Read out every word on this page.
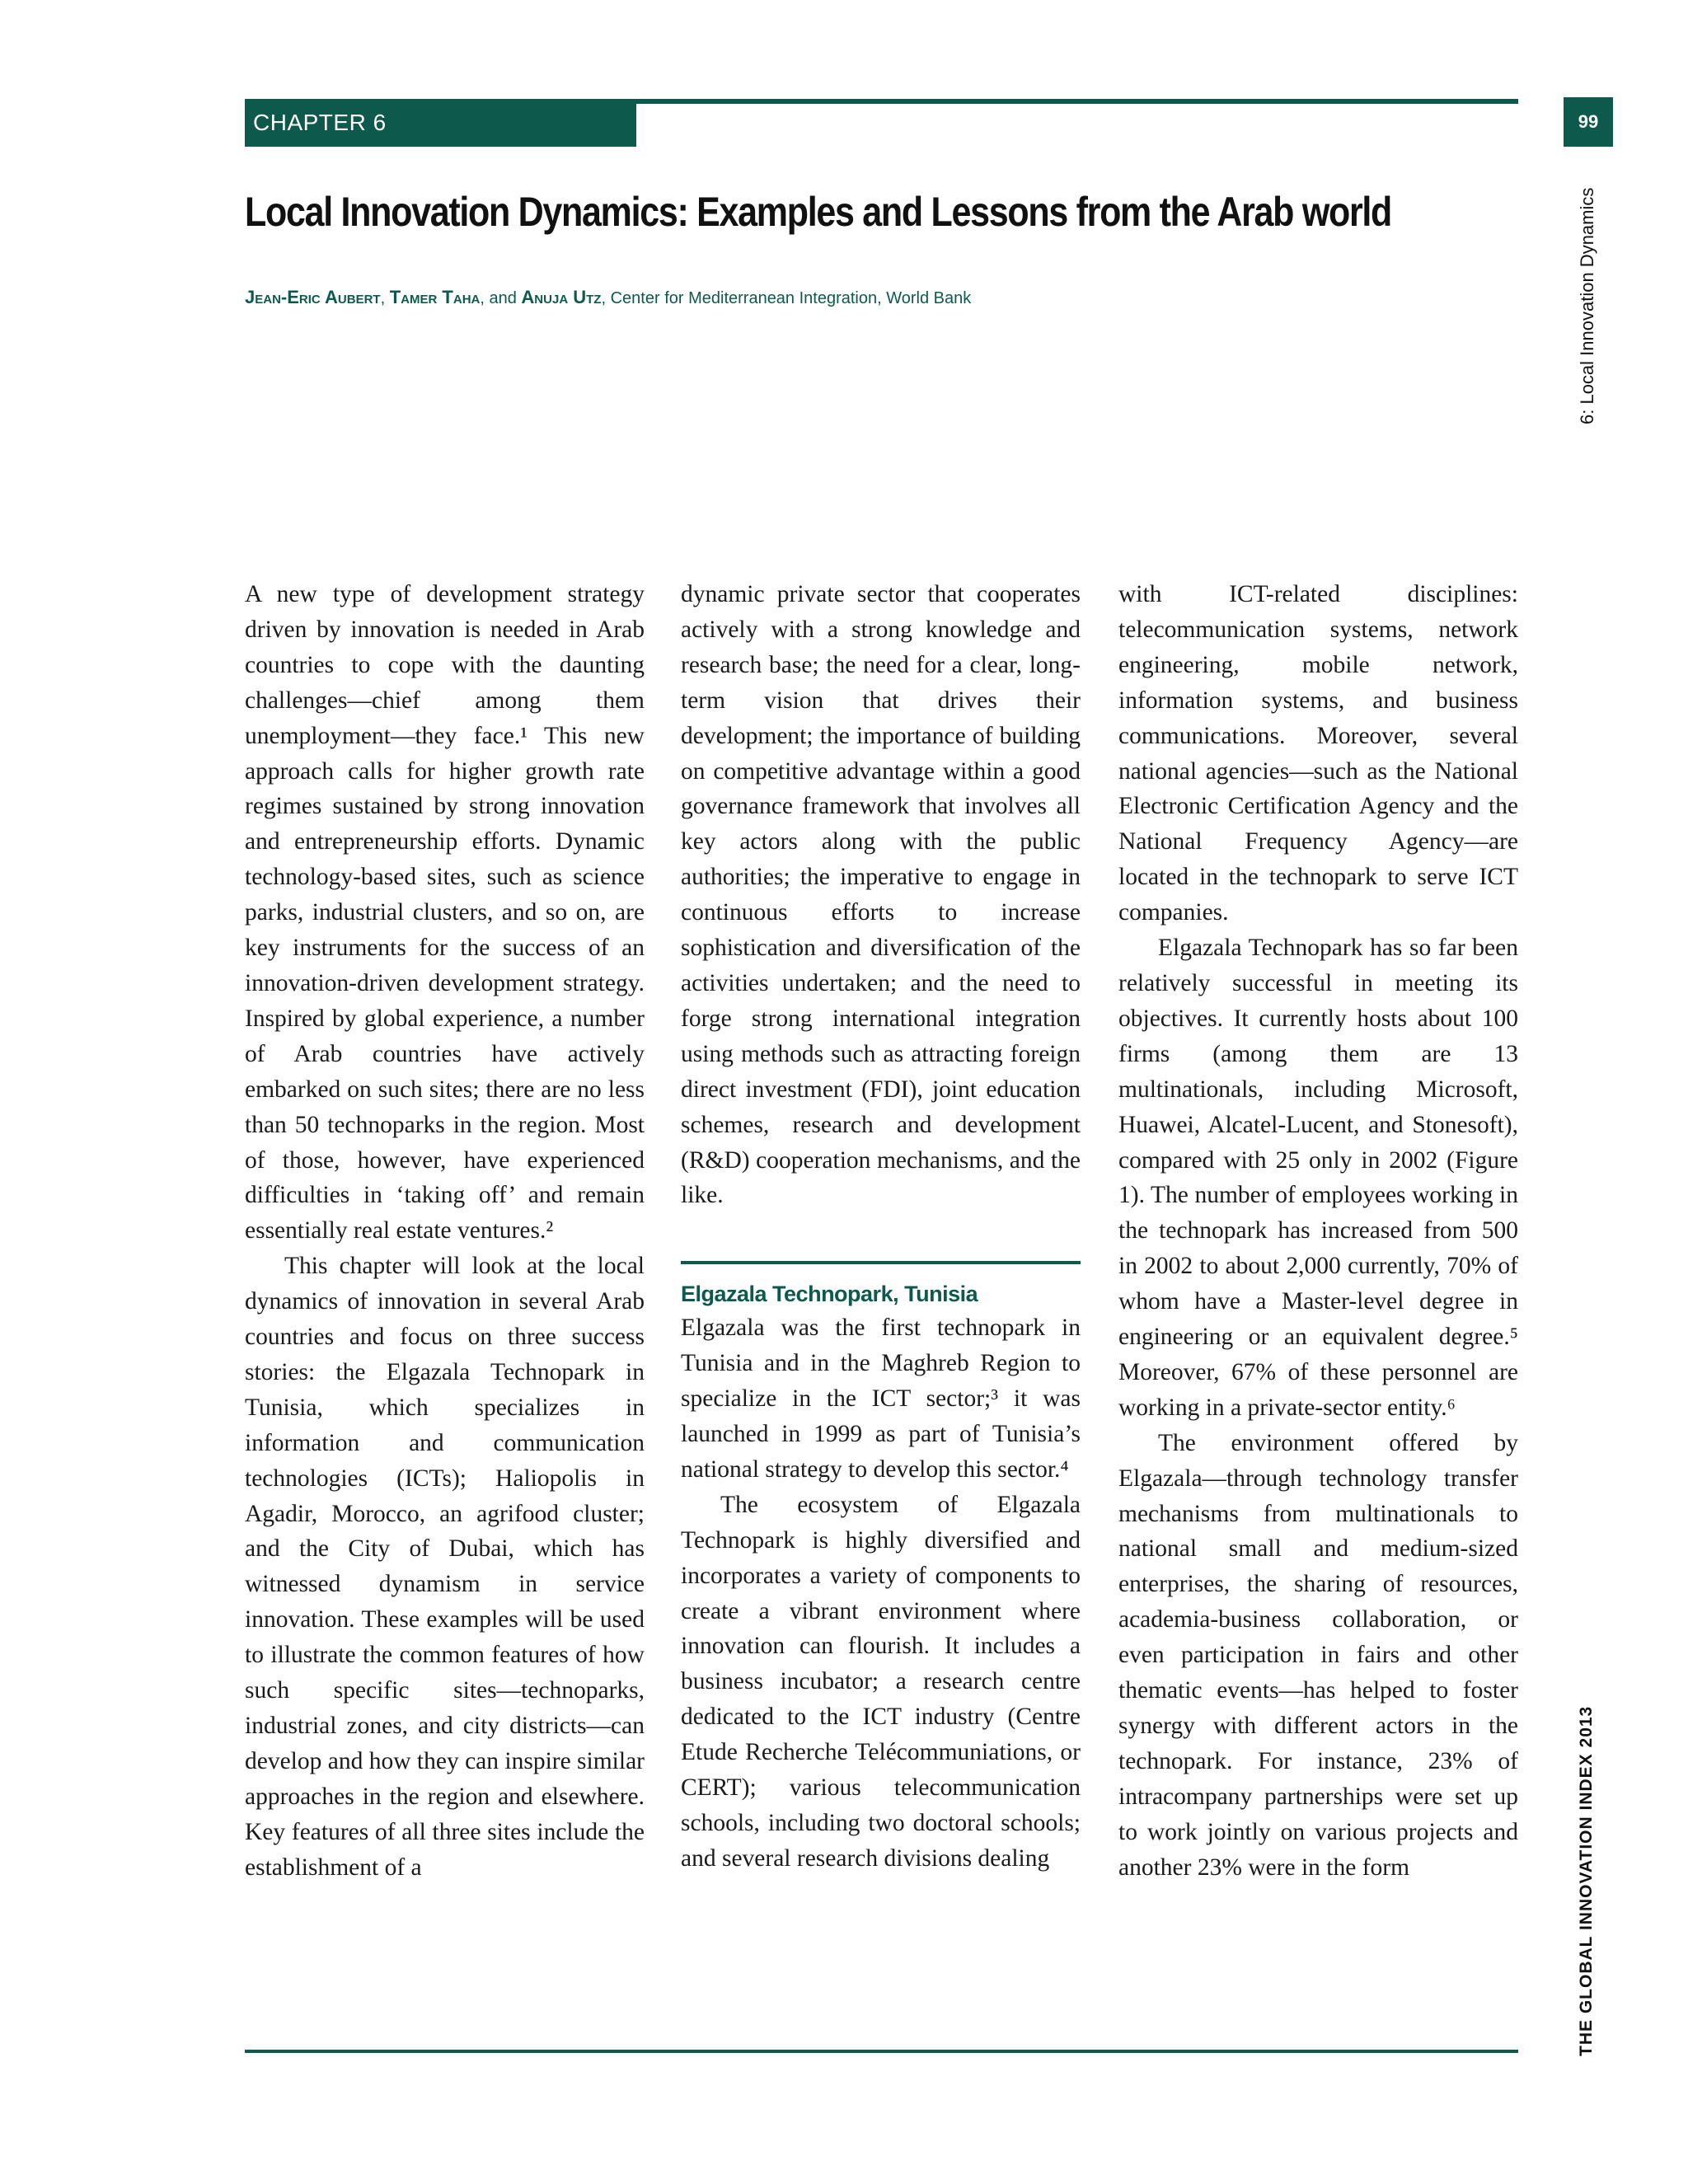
CHAPTER 6	99
Local Innovation Dynamics: Examples and Lessons from the Arab world
Jean-Eric Aubert, Tamer Taha, and Anuja Utz, Center for Mediterranean Integration, World Bank	6: Local Innovation Dynamics
THE GLOBAL INNOVATION INDEX 2013

A new type of development strategy driven by innovation is needed in Arab countries to cope with the daunting challenges—chief among them unemployment—they face.¹ This new approach calls for higher growth rate regimes sustained by strong innovation and entrepreneurship efforts. Dynamic technology-based sites, such as science parks, industrial clusters, and so on, are key instruments for the success of an innovation-driven development strategy. Inspired by global experience, a number of Arab countries have actively embarked on such sites; there are no less than 50 technoparks in the region. Most of those, however, have experienced difficulties in ‘taking off’ and remain essentially real estate ventures.²

This chapter will look at the local dynamics of innovation in several Arab countries and focus on three success stories: the Elgazala Technopark in Tunisia, which specializes in information and communication technologies (ICTs); Haliopolis in Agadir, Morocco, an agrifood cluster; and the City of Dubai, which has witnessed dynamism in service innovation. These examples will be used to illustrate the common features of how such specific sites—technoparks, industrial zones, and city districts—can develop and how they can inspire similar approaches in the region and elsewhere. Key features of all three sites include the establishment of a

dynamic private sector that cooperates actively with a strong knowledge and research base; the need for a clear, long-term vision that drives their development; the importance of building on competitive advantage within a good governance framework that involves all key actors along with the public authorities; the imperative to engage in continuous efforts to increase sophistication and diversification of the activities undertaken; and the need to forge strong international integration using methods such as attracting foreign direct investment (FDI), joint education schemes, research and development (R&D) cooperation mechanisms, and the like.

Elgazala Technopark, Tunisia

Elgazala was the first technopark in Tunisia and in the Maghreb Region to specialize in the ICT sector;³ it was launched in 1999 as part of Tunisia’s national strategy to develop this sector.⁴

The ecosystem of Elgazala Technopark is highly diversified and incorporates a variety of components to create a vibrant environment where innovation can flourish. It includes a business incubator; a research centre dedicated to the ICT industry (Centre Etude Recherche Telécommuniations, or CERT); various telecommunication schools, including two doctoral schools; and several research divisions dealing

with ICT-related disciplines: telecommunication systems, network engineering, mobile network, information systems, and business communications. Moreover, several national agencies—such as the National Electronic Certification Agency and the National Frequency Agency—are located in the technopark to serve ICT companies.

Elgazala Technopark has so far been relatively successful in meeting its objectives. It currently hosts about 100 firms (among them are 13 multinationals, including Microsoft, Huawei, Alcatel-Lucent, and Stonesoft), compared with 25 only in 2002 (Figure 1). The number of employees working in the technopark has increased from 500 in 2002 to about 2,000 currently, 70% of whom have a Master-level degree in engineering or an equivalent degree.⁵ Moreover, 67% of these personnel are working in a private-sector entity.⁶

The environment offered by Elgazala—through technology transfer mechanisms from multinationals to national small and medium-sized enterprises, the sharing of resources, academia-business collaboration, or even participation in fairs and other thematic events—has helped to foster synergy with different actors in the technopark. For instance, 23% of intracompany partnerships were set up to work jointly on various projects and another 23% were in the form
